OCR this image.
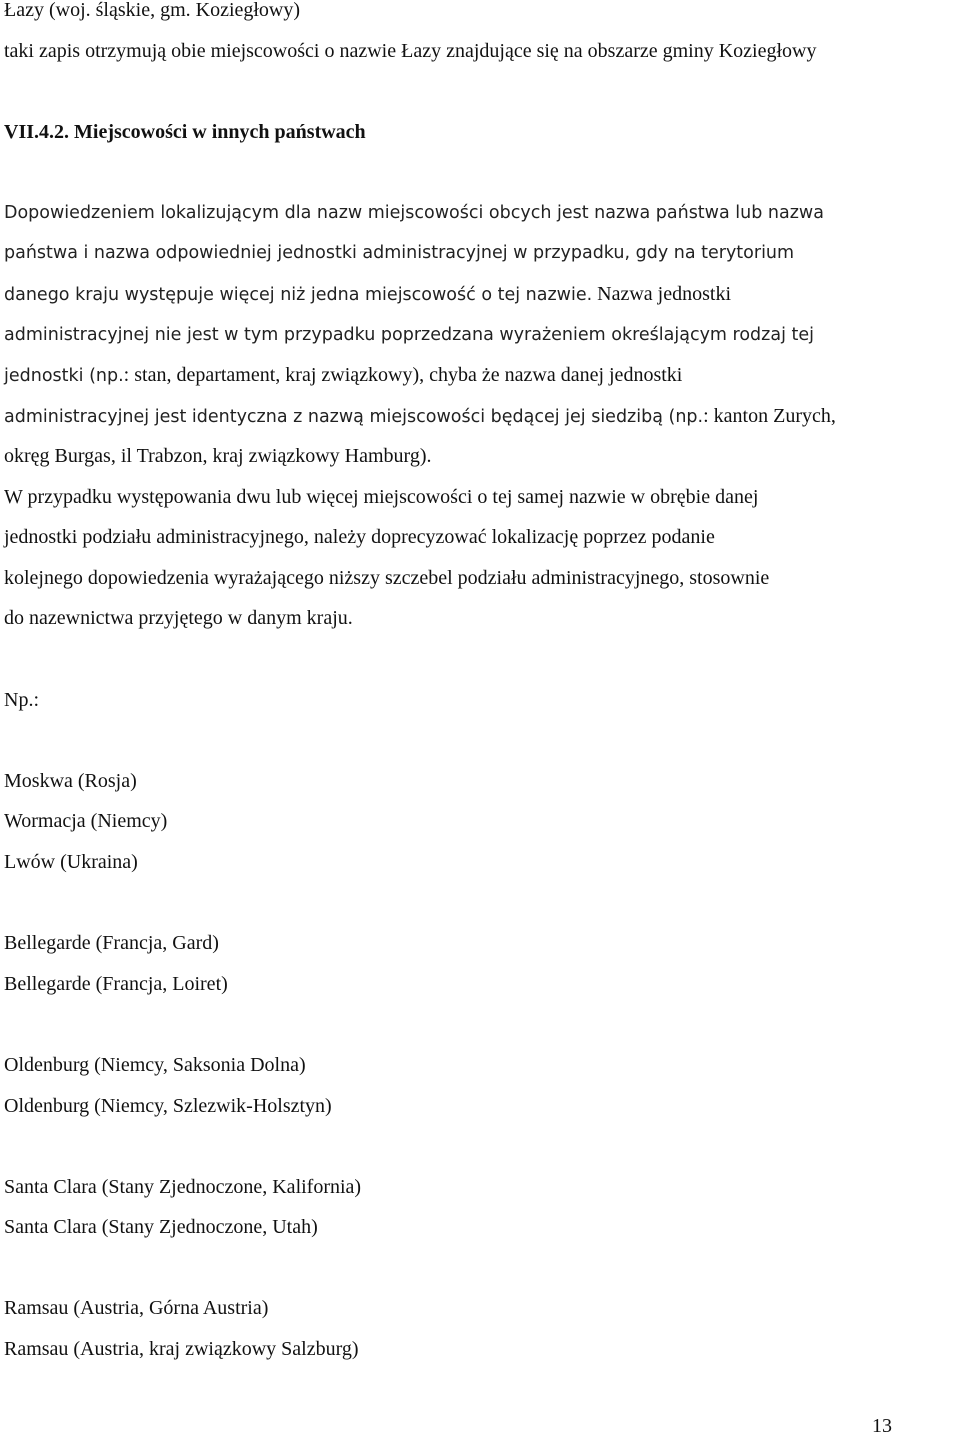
Łazy (woj. śląskie, gm. Koziegłowy)
taki zapis otrzymują obie miejscowości o nazwie Łazy znajdujące się na obszarze gminy Koziegłowy
VII.4.2. Miejscowości w innych państwach
Dopowiedzeniem lokalizującym dla nazw miejscowości obcych jest nazwa państwa lub nazwa
państwa i nazwa odpowiedniej jednostki administracyjnej w przypadku, gdy na terytorium
danego kraju występuje więcej niż jedna miejscowość o tej nazwie. Nazwa jednostki
administracyjnej nie jest w tym przypadku poprzedzana wyrażeniem określającym rodzaj tej
jednostki (np.: stan, departament, kraj związkowy), chyba że nazwa danej jednostki
administracyjnej jest identyczna z nazwą miejscowości będącej jej siedzibą (np.: kanton Zurych,
okręg Burgas, il Trabzon, kraj związkowy Hamburg).
W przypadku występowania dwu lub więcej miejscowości o tej samej nazwie w obrębie danej
jednostki podziału administracyjnego, należy doprecyzować lokalizację poprzez podanie
kolejnego dopowiedzenia wyrażającego niższy szczebel podziału administracyjnego, stosownie
do nazewnictwa przyjętego w danym kraju.
Np.:
Moskwa (Rosja)
Wormacja (Niemcy)
Lwów (Ukraina)
Bellegarde (Francja, Gard)
Bellegarde (Francja, Loiret)
Oldenburg (Niemcy, Saksonia Dolna)
Oldenburg (Niemcy, Szlezwik-Holsztyn)
Santa Clara (Stany Zjednoczone, Kalifornia)
Santa Clara (Stany Zjednoczone, Utah)
Ramsau (Austria, Górna Austria)
Ramsau (Austria, kraj związkowy Salzburg)
13
